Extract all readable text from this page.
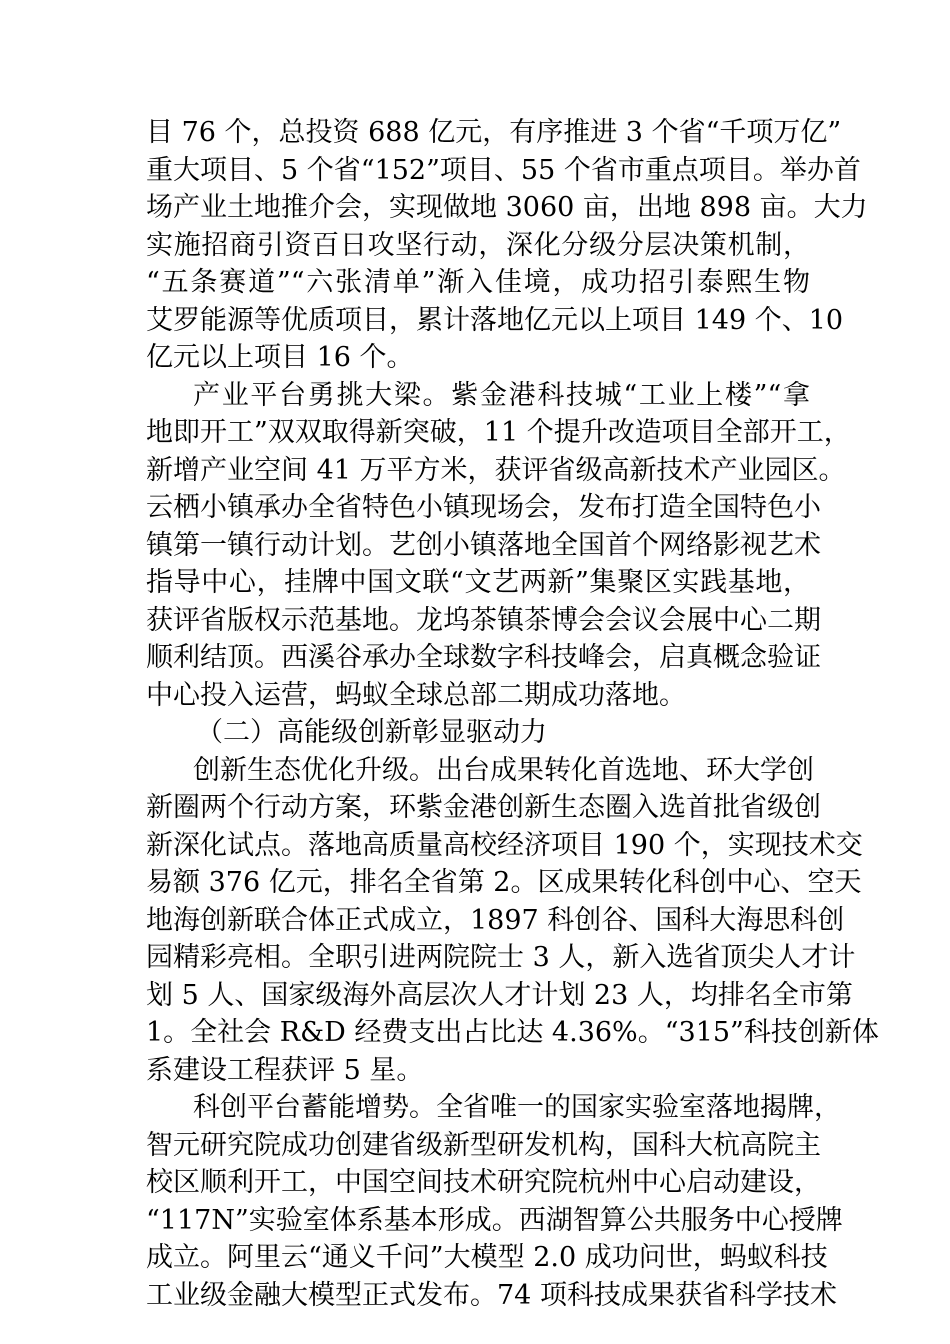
目 76 个，总投资 688 亿元，有序推进 3 个省“千项万亿”
重大项目、5 个省“152”项目、55 个省市重点项目。举办首
场产业土地推介会，实现做地 3060 亩，出地 898 亩。大力
实施招商引资百日攻坚行动，深化分级分层决策机制，
“五条赛道”“六张清单”渐入佳境，成功招引泰熙生物
艾罗能源等优质项目，累计落地亿元以上项目 149 个、10
亿元以上项目 16 个。
产业平台勇挑大梁。紫金港科技城“工业上楼”“拿
地即开工”双双取得新突破，11 个提升改造项目全部开工，
新增产业空间 41 万平方米，获评省级高新技术产业园区。
云栖小镇承办全省特色小镇现场会，发布打造全国特色小
镇第一镇行动计划。艺创小镇落地全国首个网络影视艺术
指导中心，挂牌中国文联“文艺两新”集聚区实践基地，
获评省版权示范基地。龙坞茶镇茶博会会议会展中心二期
顺利结顶。西溪谷承办全球数字科技峰会，启真概念验证
中心投入运营，蚂蚁全球总部二期成功落地。
（二）高能级创新彰显驱动力
创新生态优化升级。出台成果转化首选地、环大学创
新圈两个行动方案，环紫金港创新生态圈入选首批省级创
新深化试点。落地高质量高校经济项目 190 个，实现技术交
易额 376 亿元，排名全省第 2。区成果转化科创中心、空天
地海创新联合体正式成立，1897 科创谷、国科大海思科创
园精彩亮相。全职引进两院院士 3 人，新入选省顶尖人才计
划 5 人、国家级海外高层次人才计划 23 人，均排名全市第
1。全社会 R&D 经费支出占比达 4.36%。“315”科技创新体
系建设工程获评 5 星。
科创平台蓄能增势。全省唯一的国家实验室落地揭牌，
智元研究院成功创建省级新型研发机构，国科大杭高院主
校区顺利开工，中国空间技术研究院杭州中心启动建设，
“117N”实验室体系基本形成。西湖智算公共服务中心授牌
成立。阿里云“通义千问”大模型 2.0 成功问世，蚂蚁科技
工业级金融大模型正式发布。74 项科技成果获省科学技术
